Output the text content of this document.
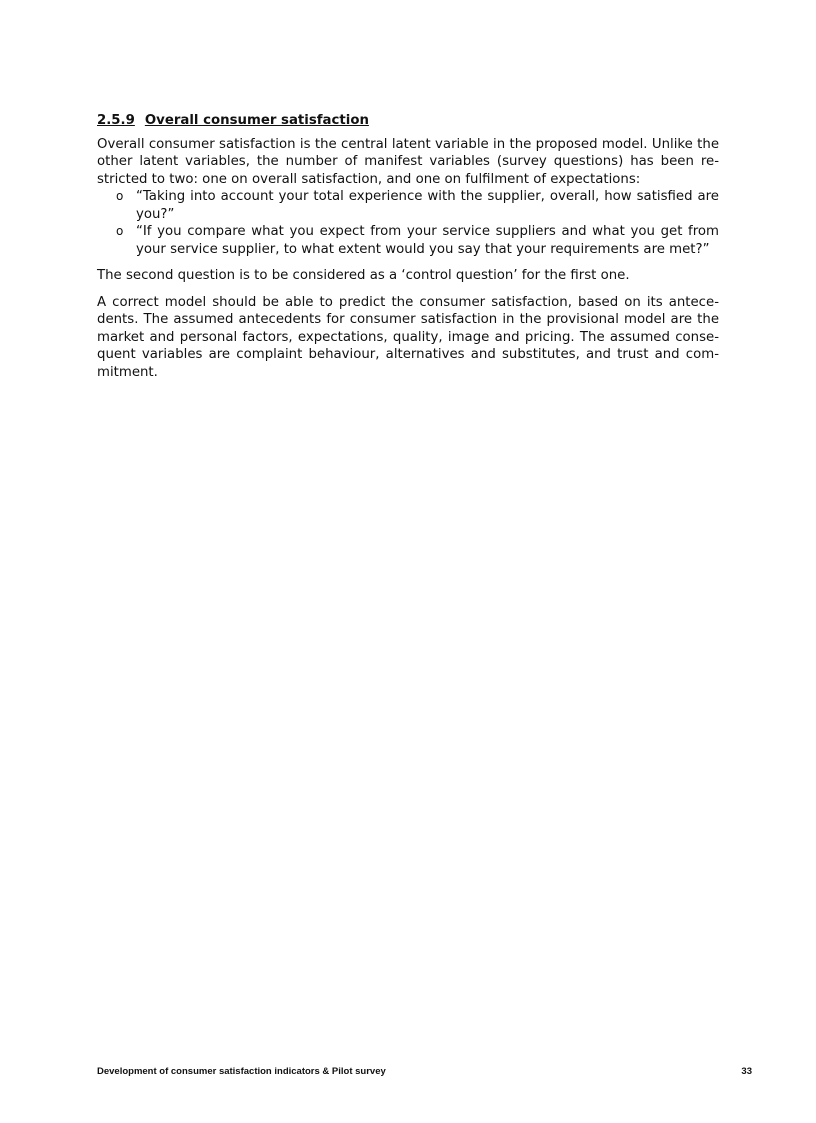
2.5.9 Overall consumer satisfaction

Overall consumer satisfaction is the central latent variable in the proposed model. Unlike the other latent variables, the number of manifest variables (survey questions) has been restricted to two: one on overall satisfaction, and one on fulfilment of expectations:

o “Taking into account your total experience with the supplier, overall, how satisfied are you?”
o “If you compare what you expect from your service suppliers and what you get from your service supplier, to what extent would you say that your requirements are met?”

The second question is to be considered as a ‘control question’ for the first one.

A correct model should be able to predict the consumer satisfaction, based on its antecedents. The assumed antecedents for consumer satisfaction in the provisional model are the market and personal factors, expectations, quality, image and pricing. The assumed consequent variables are complaint behaviour, alternatives and substitutes, and trust and commitment.

Development of consumer satisfaction indicators & Pilot survey	33
